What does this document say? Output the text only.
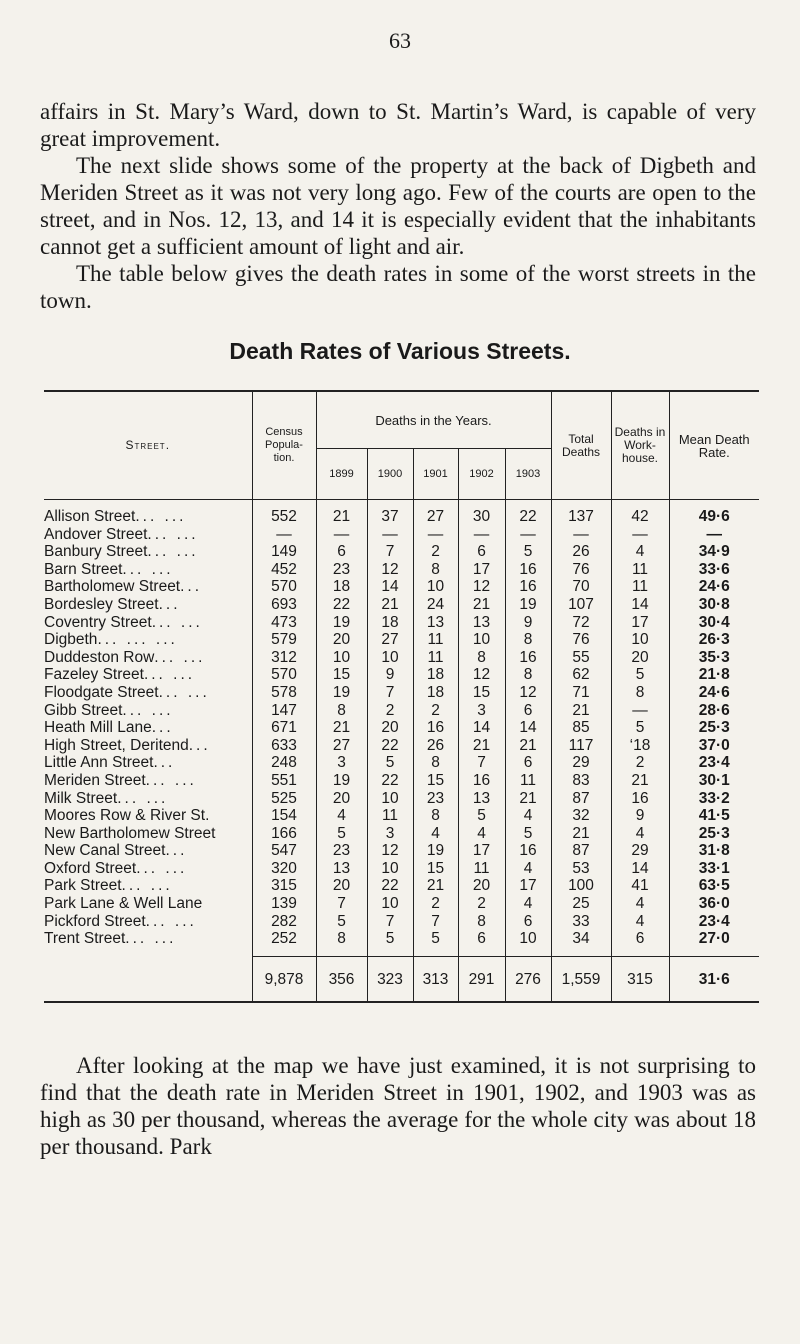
63

affairs in St. Mary’s Ward, down to St. Martin’s Ward, is capable of very great improvement.

The next slide shows some of the property at the back of Digbeth and Meriden Street as it was not very long ago. Few of the courts are open to the street, and in Nos. 12, 13, and 14 it is especially evident that the inhabitants cannot get a sufficient amount of light and air.

The table below gives the death rates in some of the worst streets in the town.

Death Rates of Various Streets.
Street.	Census Popula- tion.	Deaths in the Years.					Total Deaths	Deaths in Work- house.	Mean Death Rate.
		1899	1900	1901	1902	1903			

Allison Street ... ...	552	21	37	27	30	22	137	42	49·6

Andover Street ... ...	—	—	—	—	—	—	—	—	—

Banbury Street ... ...	149	6	7	2	6	5	26	4	34·9

Barn Street ... ...	452	23	12	8	17	16	76	11	33·6

Bartholomew Street ...	570	18	14	10	12	16	70	11	24·6

Bordesley Street ...	693	22	21	24	21	19	107	14	30·8

Coventry Street ... ...	473	19	18	13	13	9	72	17	30·4

Digbeth ... ... ...	579	20	27	11	10	8	76	10	26·3

Duddeston Row ... ...	312	10	10	11	8	16	55	20	35·3

Fazeley Street ... ...	570	15	9	18	12	8	62	5	21·8

Floodgate Street ... ...	578	19	7	18	15	12	71	8	24·6

Gibb Street ... ...	147	8	2	2	3	6	21	—	28·6

Heath Mill Lane ...	671	21	20	16	14	14	85	5	25·3

High Street, Deritend ...	633	27	22	26	21	21	117	‘18	37·0

Little Ann Street ...	248	3	5	8	7	6	29	2	23·4

Meriden Street ... ...	551	19	22	15	16	11	83	21	30·1

Milk Street ... ...	525	20	10	23	13	21	87	16	33·2

Moores Row & River St.	154	4	11	8	5	4	32	9	41·5

New Bartholomew Street	166	5	3	4	4	5	21	4	25·3

New Canal Street ...	547	23	12	19	17	16	87	29	31·8

Oxford Street ... ...	320	13	10	15	11	4	53	14	33·1

Park Street ... ...	315	20	22	21	20	17	100	41	63·5

Park Lane & Well Lane	139	7	10	2	2	4	25	4	36·0

Pickford Street ... ...	282	5	7	7	8	6	33	4	23·4

Trent Street ... ...	252	8	5	5	6	10	34	6	27·0

	9,878	356	323	313	291	276	1,559	315	31·6

After looking at the map we have just examined, it is not surprising to find that the death rate in Meriden Street in 1901, 1902, and 1903 was as high as 30 per thousand, whereas the average for the whole city was about 18 per thousand. Park
